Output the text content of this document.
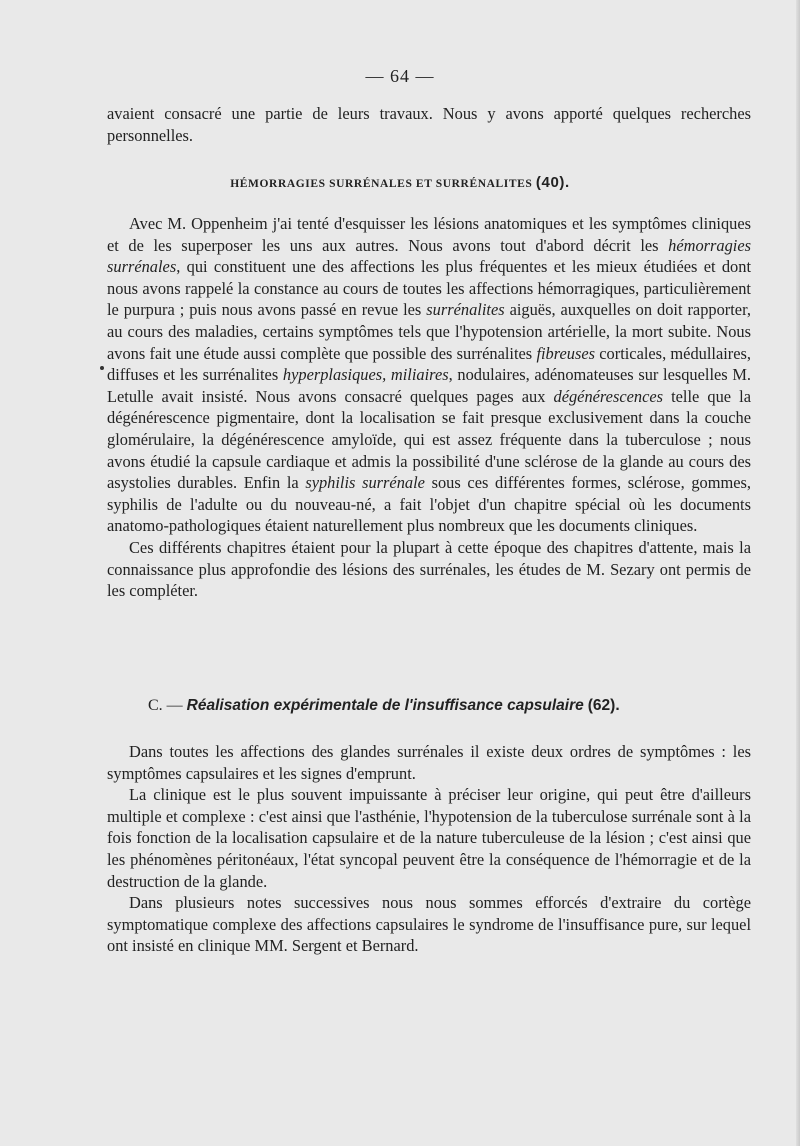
— 64 —

avaient consacré une partie de leurs travaux. Nous y avons apporté quelques recherches personnelles.

HÉMORRAGIES SURRÉNALES ET SURRÉNALITES (40).

Avec M. Oppenheim j'ai tenté d'esquisser les lésions anatomiques et les symptômes cliniques et de les superposer les uns aux autres. Nous avons tout d'abord décrit les hémorragies surrénales, qui constituent une des affections les plus fréquentes et les mieux étudiées et dont nous avons rappelé la constance au cours de toutes les affections hémorragiques, particulièrement le purpura ; puis nous avons passé en revue les surrénalites aiguës, auxquelles on doit rapporter, au cours des maladies, certains symptômes tels que l'hypotension artérielle, la mort subite. Nous avons fait une étude aussi complète que possible des surrénalites fibreuses corticales, médullaires, diffuses et les surrénalites hyperplasiques, miliaires, nodulaires, adénomateuses sur lesquelles M. Letulle avait insisté. Nous avons consacré quelques pages aux dégénérescences telle que la dégénérescence pigmentaire, dont la localisation se fait presque exclusivement dans la couche glomérulaire, la dégénérescence amyloïde, qui est assez fréquente dans la tuberculose ; nous avons étudié la capsule cardiaque et admis la possibilité d'une sclérose de la glande au cours des asystolies durables. Enfin la syphilis surrénale sous ces différentes formes, sclérose, gommes, syphilis de l'adulte ou du nouveau-né, a fait l'objet d'un chapitre spécial où les documents anatomo-pathologiques étaient naturellement plus nombreux que les documents cliniques.

Ces différents chapitres étaient pour la plupart à cette époque des chapitres d'attente, mais la connaissance plus approfondie des lésions des surrénales, les études de M. Sezary ont permis de les compléter.

C. — Réalisation expérimentale de l'insuffisance capsulaire (62).

Dans toutes les affections des glandes surrénales il existe deux ordres de symptômes : les symptômes capsulaires et les signes d'emprunt.

La clinique est le plus souvent impuissante à préciser leur origine, qui peut être d'ailleurs multiple et complexe : c'est ainsi que l'asthénie, l'hypotension de la tuberculose surrénale sont à la fois fonction de la localisation capsulaire et de la nature tuberculeuse de la lésion ; c'est ainsi que les phénomènes péritonéaux, l'état syncopal peuvent être la conséquence de l'hémorragie et de la destruction de la glande.

Dans plusieurs notes successives nous nous sommes efforcés d'extraire du cortège symptomatique complexe des affections capsulaires le syndrome de l'insuffisance pure, sur lequel ont insisté en clinique MM. Sergent et Bernard.
